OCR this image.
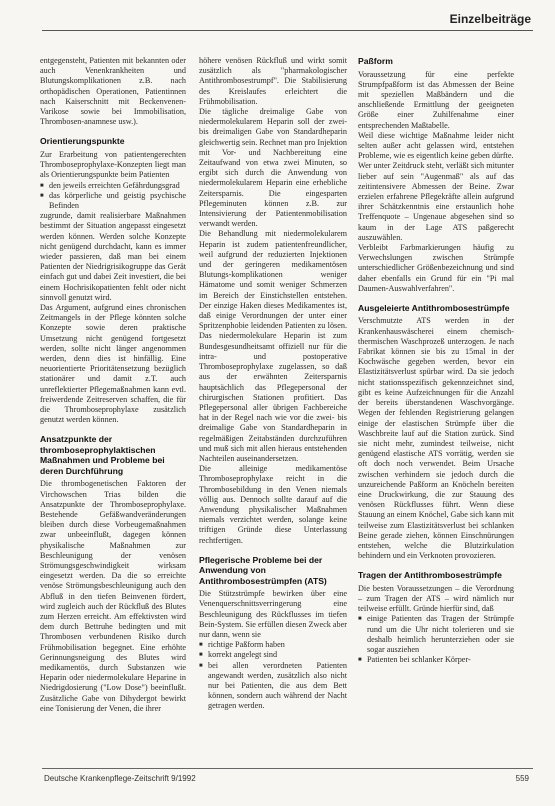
Einzelbeiträge

entgegensteht, Patienten mit bekannten oder auch Venenkrankheiten und Blutungskomplikationen z.B. nach orthopädischen Operationen, Patientinnen nach Kaiserschnitt mit Beckenvenen-Varikose sowie bei Immobilisation, Thrombosen-anamnese usw.).

Orientierungspunkte

Zur Erarbeitung von patientengerechten Thromboseprophylaxe-Konzepten liegt man als Orientierungspunkte beim Patienten

■ den jeweils erreichten Gefährdungsgrad
■ das körperliche und geistig psychische Befinden

zugrunde, damit realisierbare Maßnahmen bestimmt der Situation angepasst eingesetzt werden können. Werden solche Konzepte nicht genügend durchdacht, kann es immer wieder passieren, daß man bei einem Patienten der Niedrigrisikogruppe das Gerät einfach gut und dabei Zeit investiert, die bei einem Hochrisikopatienten fehlt oder nicht sinnvoll genutzt wird.

Das Argument, aufgrund eines chronischen Zeitmangels in der Pflege könnten solche Konzepte sowie deren praktische Umsetzung nicht genügend fortgesetzt werden, sollte nicht länger angenommen werden, denn dies ist hinfällig. Eine neuorientierte Prioritätensetzung bezüglich stationärer und damit z.T. auch unreflektierter Pflegemaßnahmen kann evtl. freiwerdende Zeitreserven schaffen, die für die Thromboseprophylaxe zusätzlich genutzt werden können.

Ansatzpunkte der thromboseprophylaktischen Maßnahmen und Probleme bei deren Durchführung

Die thrombogenetischen Faktoren der Virchowschen Trias bilden die Ansatzpunkte der Thromboseprophylaxe. Bestehende Gefäßwandveränderungen bleiben durch diese Vorbeugemaßnahmen zwar unbeeinflußt, dagegen können physikalische Maßnahmen zur Beschleunigung der venösen Strömungsgeschwindigkeit wirksam eingesetzt werden. Da die so erreichte venöse Strömungsbeschleunigung auch den Abfluß in den tiefen Beinvenen fördert, wird zugleich auch der Rückfluß des Blutes zum Herzen erreicht. Am effektivsten wird dem durch Bettruhe bedingten und mit Thrombosen verbundenen Risiko durch Frühmobilisation begegnet. Eine erhöhte Gerinnungsneigung des Blutes wird medikamentös, durch Substanzen wie Heparin oder niedermolekulare Heparine in Niedrigdosierung ("Low Dose") beeinflußt. Zusätzliche Gabe von Dihydergot bewirkt eine Tonisierung der Venen, die ihrer

höhere venösen Rückfluß und wirkt somit zusätzlich als "pharmakologischer Antithrombosestrumpf". Die Stabilisierung des Kreislaufes erleichtert die Frühmobilisation.

Die tägliche dreimalige Gabe von niedermolekularem Heparin soll der zwei- bis dreimaligen Gabe von Standardheparin gleichwertig sein. Rechnet man pro Injektion mit Vor- und Nachbereitung eine Zeitaufwand von etwa zwei Minuten, so ergibt sich durch die Anwendung von niedermolekularem Heparin eine erhebliche Zeitersparnis. Die eingesparten Pflegeminuten können z.B. zur Intensivierung der Patientenmobilisation verwandt werden.

Die Behandlung mit niedermolekularem Heparin ist zudem patientenfreundlicher, weil aufgrund der reduzierten Injektionen und der geringeren medikamentösen Blutungs-komplikationen weniger Hämatome und somit weniger Schmerzen im Bereich der Einstichstellen entstehen. Der einzige Haken dieses Medikamentes ist, daß einige Verordnungen der unter einer Spritzenphobie leidenden Patienten zu lösen. Das niedermolekulare Heparin ist zum Bundesgesundheitsamt offiziell nur für die intra- und postoperative Thromboseprophylaxe zugelassen, so daß aus der erwähnten Zeitersparnis hauptsächlich das Pflegepersonal der chirurgischen Stationen profitiert. Das Pflegepersonal aller übrigen Fachbereiche hat in der Regel nach wie vor die zwei- bis dreimalige Gabe von Standardheparin in regelmäßigen Zeitabständen durchzuführen und muß sich mit allen hieraus entstehenden Nachteilen auseinandersetzen.

Die alleinige medikamentöse Thromboseprophylaxe reicht in die Thrombosebildung in den Venen niemals völlig aus. Dennoch sollte darauf auf die Anwendung physikalischer Maßnahmen niemals verzichtet werden, solange keine triftigen Gründe diese Unterlassung rechtfertigen.

Pflegerische Probleme bei der Anwendung von Antithrombosestrümpfen (ATS)

Die Stützstrümpfe bewirken über eine Venenquerschnittsverringerung eine Beschleunigung des Rückflusses im tiefen Bein-System. Sie erfüllen diesen Zweck aber nur dann, wenn sie

■ richtige Paßform haben
■ korrekt angelegt sind
■ bei allen verordneten Patienten angewandt werden, zusätzlich also nicht nur bei Patienten, die aus dem Bett können, sondern auch während der Nacht getragen werden.
Paßform

Voraussetzung für eine perfekte Strumpfpaßform ist das Abmessen der Beine mit speziellen Maßbändern und die anschließende Ermittlung der geeigneten Größe einer Zuhilfenahme einer entsprechenden Maßtabelle.

Weil diese wichtige Maßnahme leider nicht selten außer acht gelassen wird, entstehen Probleme, wie es eigentlich keine geben dürfte.

Wer unter Zeitdruck steht, verläßt sich mitunter lieber auf sein "Augenmaß" als auf das zeitintensivere Abmessen der Beine. Zwar erzielen erfahrene Pflegekräfte allein aufgrund ihrer Schätzkenntnis eine erstaunlich hohe Treffenquote – Ungenaue abgesehen sind so kaum in der Lage ATS paßgerecht auszuwählen.

Verbleibt Farbmarkierungen häufig zu Verwechslungen zwischen Strümpfe unterschiedlicher Größenbezeichnung und sind daher ebenfalls ein Grund für ein "Pi mal Daumen-Auswahlverfahren".

Ausgeleierte Antithrombosestrümpfe

Verschmutzte ATS werden in der Krankenhauswäscherei einem chemisch-thermischen Waschprozeß unterzogen. Je nach Fabrikat können sie bis zu 15mal in der Kochwäsche gegeben werden, bevor ein Elastizitätsverlust spürbar wird. Da sie jedoch nicht stationsspezifisch gekennzeichnet sind, gibt es keine Aufzeichnungen für die Anzahl der bereits überstandenen Waschvorgänge. Wegen der fehlenden Registrierung gelangen einige der elastischen Strümpfe über die Waschbreite lauf auf die Station zurück. Sind sie nicht mehr, zumindest teilweise, nicht genügend elastische ATS vorrätig, werden sie oft doch noch verwendet. Beim Ursache zwischen verhindern sie jedoch durch die unzureichende Paßform an Knöcheln bereiten eine Druckwirkung, die zur Stauung des venösen Rückflusses führt. Wenn diese Stauung an einem Knöchel, Gabe sich kann mit teilweise zum Elastizitätsverlust bei schlanken Beine gerade ziehen, können Einschnürungen entstehen, welche die Blutzirkulation behindern und ein Verknoten provozieren.

Tragen der Antithrombosestrümpfe

Die besten Voraussetzungen – die Verordnung – zum Tragen der ATS – wird nämlich nur teilweise erfüllt. Gründe hierfür sind, daß

■ einige Patienten das Tragen der Strümpfe rund um die Uhr nicht tolerieren und sie deshalb heimlich herunterziehen oder sie sogar ausziehen
■ Patienten bei schlanker Körper-
Deutsche Krankenpflege-Zeitschrift 9/1992	559
